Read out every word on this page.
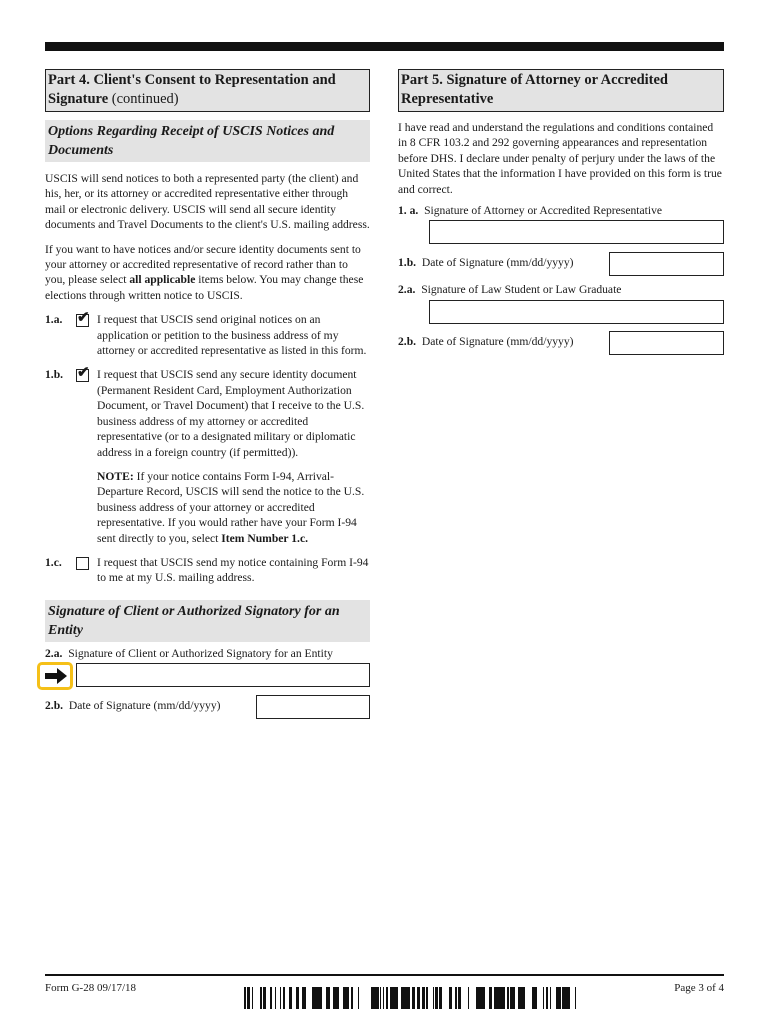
Part 4. Client's Consent to Representation and Signature (continued)
Options Regarding Receipt of USCIS Notices and Documents

USCIS will send notices to both a represented party (the client) and his, her, or its attorney or accredited representative either through mail or electronic delivery. USCIS will send all secure identity documents and Travel Documents to the client's U.S. mailing address.

If you want to have notices and/or secure identity documents sent to your attorney or accredited representative of record rather than to you, please select all applicable items below. You may change these elections through written notice to USCIS.

1.a. ✔ I request that USCIS send original notices on an application or petition to the business address of my attorney or accredited representative as listed in this form.
1.b. ✔ I request that USCIS send any secure identity document (Permanent Resident Card, Employment Authorization Document, or Travel Document) that I receive to the U.S. business address of my attorney or accredited representative (or to a designated military or diplomatic address in a foreign country (if permitted)).
NOTE: If your notice contains Form I-94, Arrival-Departure Record, USCIS will send the notice to the U.S. business address of your attorney or accredited representative. If you would rather have your Form I-94 sent directly to you, select Item Number 1.c.
1.c.	I request that USCIS send my notice containing Form I-94 to me at my U.S. mailing address.
Signature of Client or Authorized Signatory for an Entity
2.a. Signature of Client or Authorized Signatory for an Entity
2.b. Date of Signature (mm/dd/yyyy)
Part 5. Signature of Attorney or Accredited Representative

I have read and understand the regulations and conditions contained in 8 CFR 103.2 and 292 governing appearances and representation before DHS. I declare under penalty of perjury under the laws of the United States that the information I have provided on this form is true and correct.

1. a. Signature of Attorney or Accredited Representative
1.b. Date of Signature (mm/dd/yyyy)
2.a. Signature of Law Student or Law Graduate
2.b. Date of Signature (mm/dd/yyyy)
Form G-28 09/17/18	Page 3 of 4
